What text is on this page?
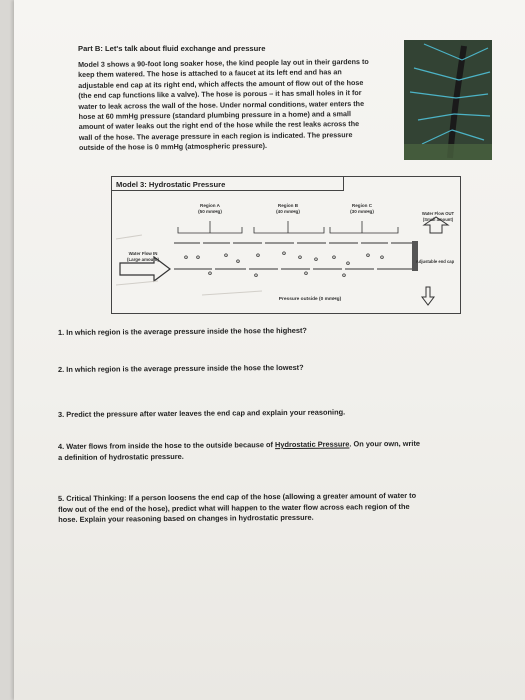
Part B: Let's talk about fluid exchange and pressure
Model 3 shows a 90-foot long soaker hose, the kind people lay out in their gardens to
keep them watered. The hose is attached to a faucet at its left end and has an
adjustable end cap at its right end, which affects the amount of flow out of the hose
(the end cap functions like a valve). The hose is porous – it has small holes in it for
water to leak across the wall of the hose. Under normal conditions, water enters the
hose at 60 mmHg pressure (standard plumbing pressure in a home) and a small
amount of water leaks out the right end of the hose while the rest leaks across the
wall of the hose. The average pressure in each region is indicated. The pressure
outside of the hose is 0 mmHg (atmospheric pressure).
Model 3: Hydrostatic Pressure
Region A
(50 mmHg)
Region B
(40 mmHg)
Region C
(30 mmHg)
o o	o
o
o	o
o o o
o
o o
o	o	o	o
Water Flow IN
(Large amount)
Water Flow OUT
(Small amount)
Adjustable end cap
Pressure outside (0 mmHg)
1. In which region is the average pressure inside the hose the highest?
2. In which region is the average pressure inside the hose the lowest?
3. Predict the pressure after water leaves the end cap and explain your reasoning.
4. Water flows from inside the hose to the outside because of Hydrostatic Pressure. On your own, write
a definition of hydrostatic pressure.
5. Critical Thinking: If a person loosens the end cap of the hose (allowing a greater amount of water to
flow out of the end of the hose), predict what will happen to the water flow across each region of the
hose. Explain your reasoning based on changes in hydrostatic pressure.
